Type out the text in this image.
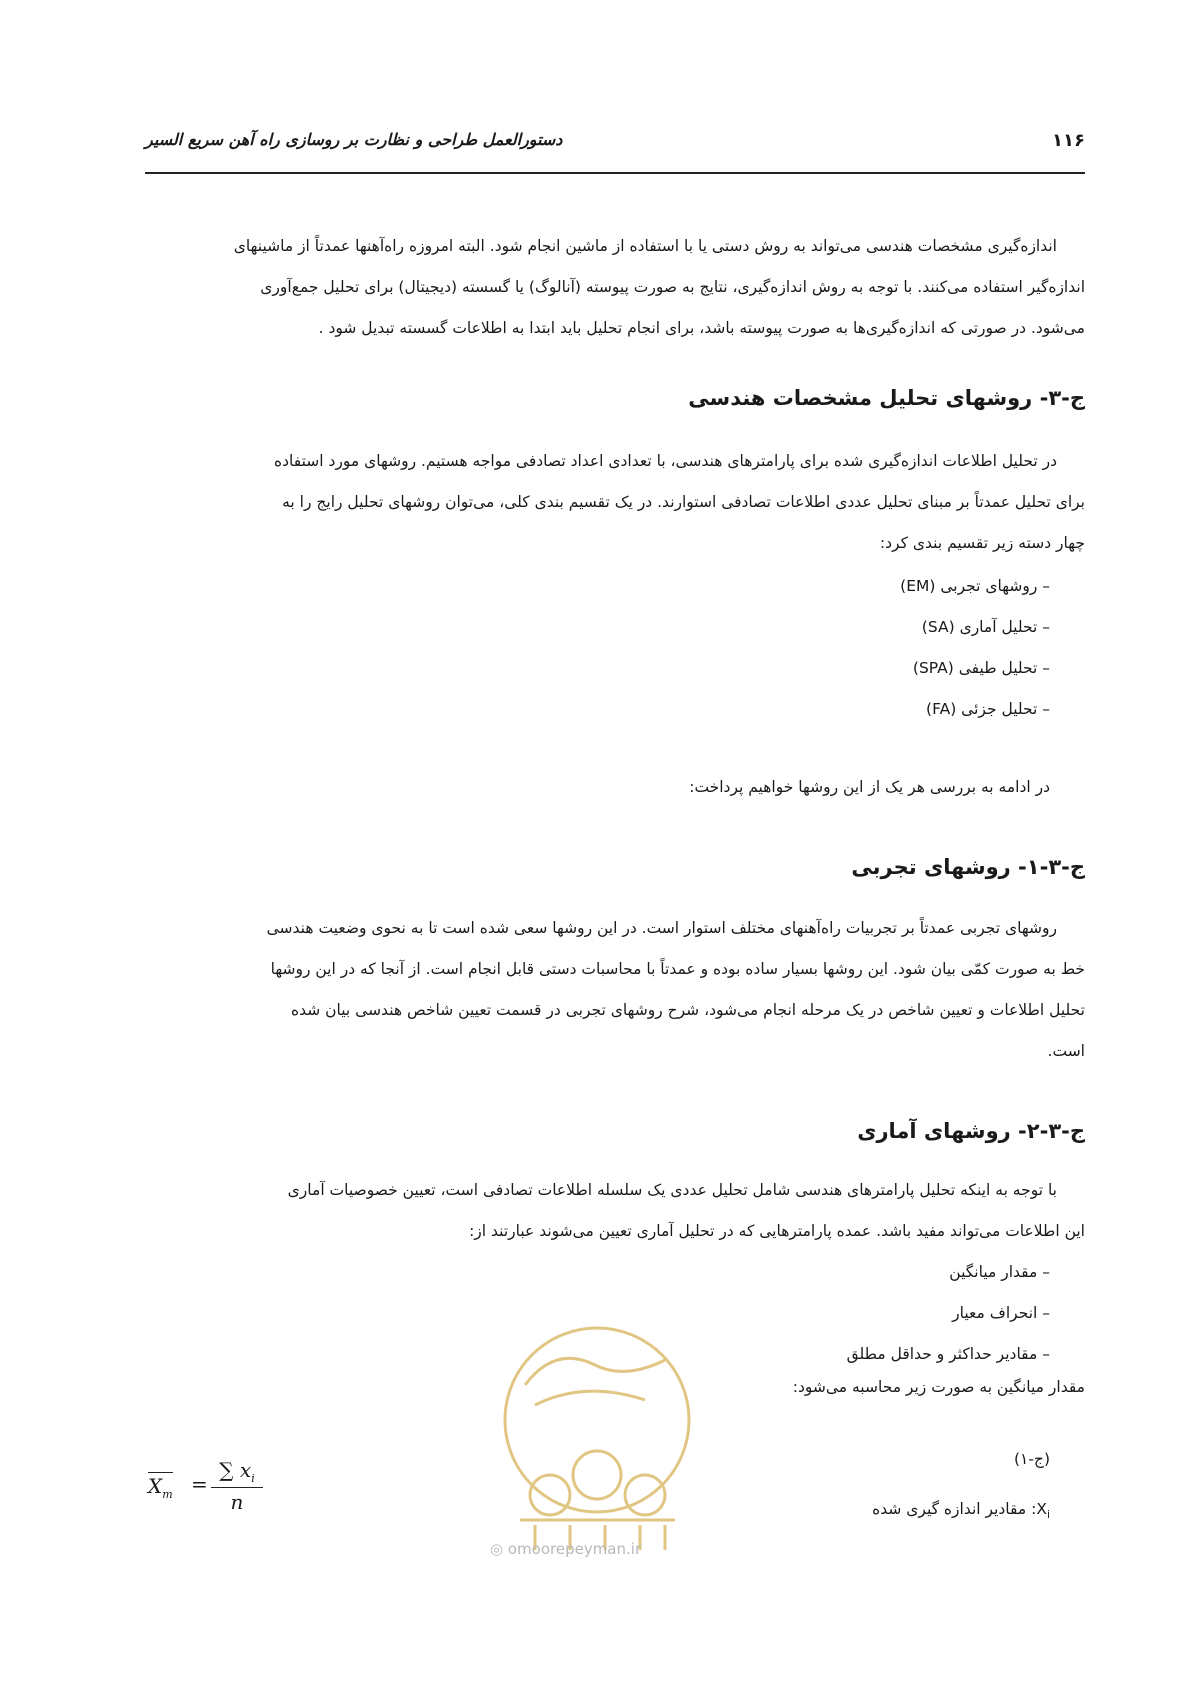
۱۱۶
دستورالعمل طراحی و نظارت بر روسازی راه آهن سریع السیر
اندازه‌گیری مشخصات هندسی می‌تواند به روش دستی یا با استفاده از ماشین انجام شود. البته امروزه راه‌آهنها عمدتاً از ماشینهای
اندازه‌گیر استفاده می‌کنند. با توجه به روش اندازه‌گیری، نتایج به صورت پیوسته (آنالوگ) یا گسسته (دیجیتال) برای تحلیل جمع‌آوری
می‌شود. در صورتی که اندازه‌گیری‌ها به صورت پیوسته باشد، برای انجام تحلیل باید ابتدا به اطلاعات گسسته تبدیل شود .
ج-۳- روشهای تحلیل مشخصات هندسی
در تحلیل اطلاعات اندازه‌گیری شده برای پارامترهای هندسی، با تعدادی اعداد تصادفی مواجه هستیم. روشهای مورد استفاده
برای تحلیل عمدتاً بر مبنای تحلیل عددی اطلاعات تصادفی استوارند. در یک تقسیم بندی کلی، می‌توان روشهای تحلیل رایج را به
چهار دسته زیر تقسیم بندی کرد:
– روشهای تجربی (EM)
– تحلیل آماری (SA)
– تحلیل طیفی (SPA)
– تحلیل جزئی (FA)
در ادامه به بررسی هر یک از این روشها خواهیم پرداخت:
ج-۳-۱- روشهای تجربی
روشهای تجربی عمدتاً بر تجربیات راه‌آهنهای مختلف استوار است. در این روشها سعی شده است تا به نحوی وضعیت هندسی
خط به صورت کمّی بیان شود. این روشها بسیار ساده بوده و عمدتاً با محاسبات دستی قابل انجام است. از آنجا که در این روشها
تحلیل اطلاعات و تعیین شاخص در یک مرحله انجام می‌شود، شرح روشهای تجربی در قسمت تعیین شاخص هندسی بیان شده
است.
ج-۳-۲- روشهای آماری
با توجه به اینکه تحلیل پارامترهای هندسی شامل تحلیل عددی یک سلسله اطلاعات تصادفی است، تعیین خصوصیات آماری
این اطلاعات می‌تواند مفید باشد. عمده پارامترهایی که در تحلیل آماری تعیین می‌شوند عبارتند از:
– مقدار میانگین
– انحراف معیار
– مقادیر حداکثر و حداقل مطلق
مقدار میانگین به صورت زیر محاسبه می‌شود:
(ج-۱)
$X_i$: مقادیر اندازه گیری شده
$X_m = \frac{\sum x_i}{n}$
◎ omoorepeyman.ir
